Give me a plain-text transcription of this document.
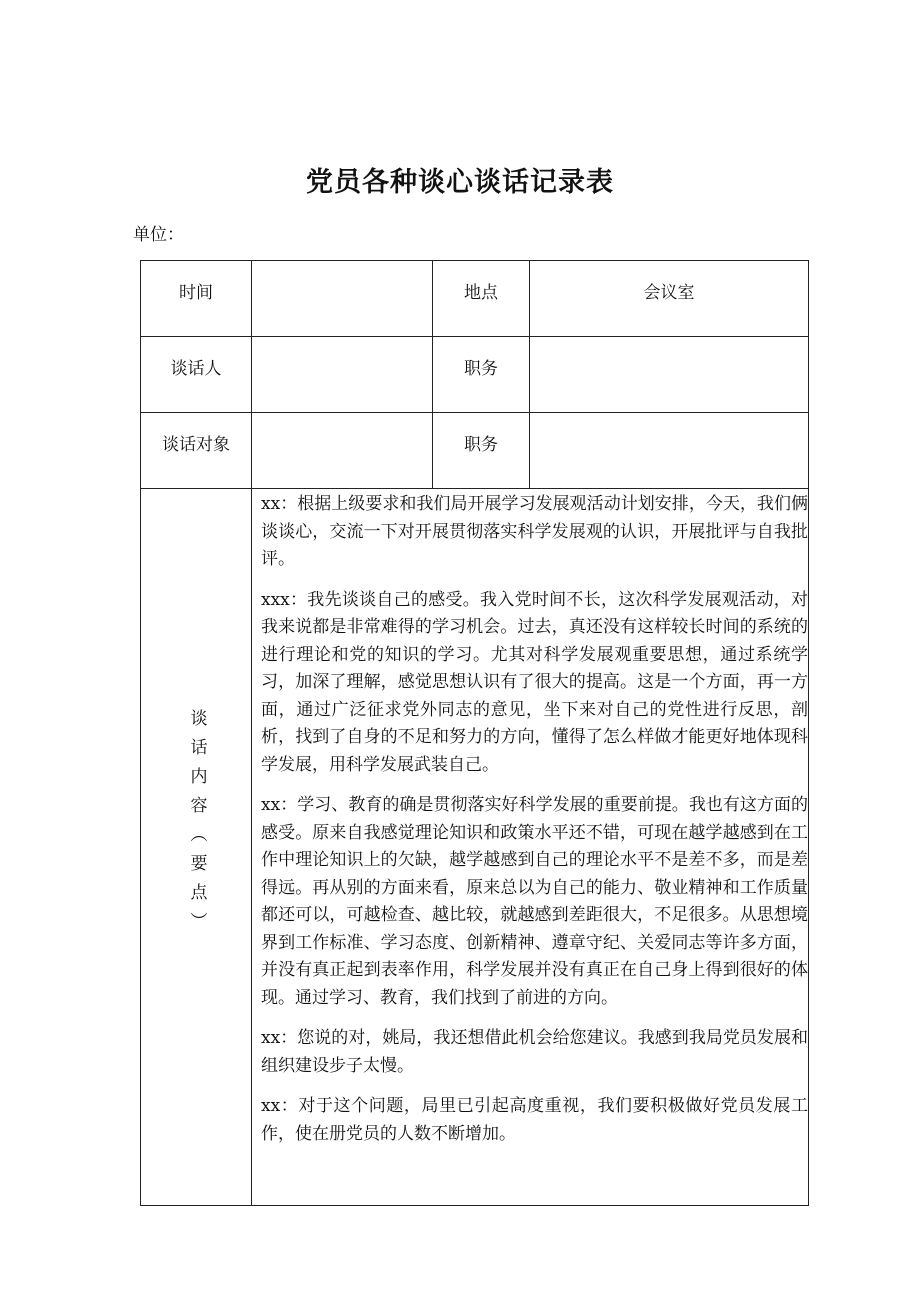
党员各种谈心谈话记录表
单位：
时间		地点	会议室
谈话人		职务	
谈话对象		职务	
谈话内容（要点）	xx：根据上级要求和我们局开展学习发展观活动计划安排，今天，我们俩谈谈心，交流一下对开展贯彻落实科学发展观的认识，开展批评与自我批评。

xxx：我先谈谈自己的感受。我入党时间不长，这次科学发展观活动，对我来说都是非常难得的学习机会。过去，真还没有这样较长时间的系统的进行理论和党的知识的学习。尤其对科学发展观重要思想，通过系统学习，加深了理解，感觉思想认识有了很大的提高。这是一个方面，再一方面，通过广泛征求党外同志的意见，坐下来对自己的党性进行反思，剖析，找到了自身的不足和努力的方向，懂得了怎么样做才能更好地体现科学发展，用科学发展武装自己。

xx：学习、教育的确是贯彻落实好科学发展的重要前提。我也有这方面的感受。原来自我感觉理论知识和政策水平还不错，可现在越学越感到在工作中理论知识上的欠缺，越学越感到自己的理论水平不是差不多，而是差得远。再从别的方面来看，原来总以为自己的能力、敬业精神和工作质量都还可以，可越检查、越比较，就越感到差距很大，不足很多。从思想境界到工作标准、学习态度、创新精神、遵章守纪、关爱同志等许多方面，并没有真正起到表率作用，科学发展并没有真正在自己身上得到很好的体现。通过学习、教育，我们找到了前进的方向。

xx：您说的对，姚局，我还想借此机会给您建议。我感到我局党员发展和组织建设步子太慢。

xx：对于这个问题，局里已引起高度重视，我们要积极做好党员发展工作，使在册党员的人数不断增加。		
